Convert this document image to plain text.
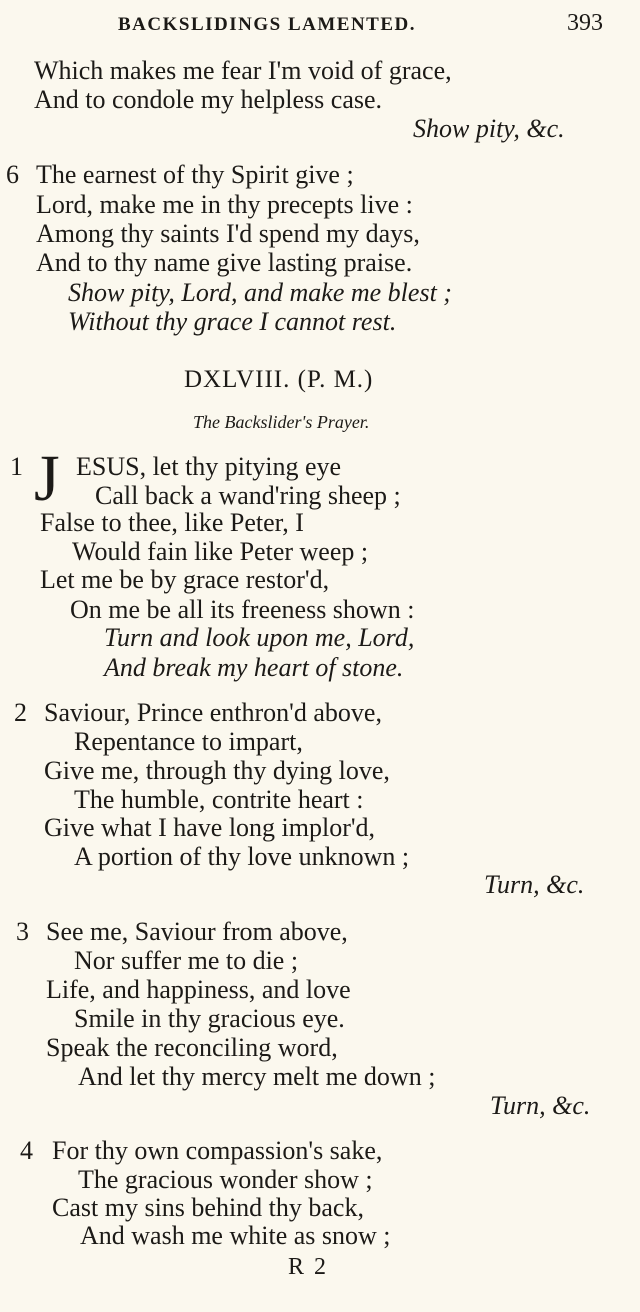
BACKSLIDINGS LAMENTED.	393
Which makes me fear I'm void of grace,
And to condole my helpless case.
Show pity, &c.
6 The earnest of thy Spirit give ;
Lord, make me in thy precepts live :
Among thy saints I'd spend my days,
And to thy name give lasting praise.
Show pity, Lord, and make me blest ;
Without thy grace I cannot rest.
DXLVIII. (P. M.)
The Backslider's Prayer.
1 J ESUS, let thy pitying eye
Call back a wand'ring sheep ;
False to thee, like Peter, I
Would fain like Peter weep ;
Let me be by grace restor'd,
On me be all its freeness shown :
Turn and look upon me, Lord,
And break my heart of stone.
2 Saviour, Prince enthron'd above,
Repentance to impart,
Give me, through thy dying love,
The humble, contrite heart :
Give what I have long implor'd,
A portion of thy love unknown ;
Turn, &c.
3 See me, Saviour from above,
Nor suffer me to die ;
Life, and happiness, and love
Smile in thy gracious eye.
Speak the reconciling word,
And let thy mercy melt me down ;
Turn, &c.
4 For thy own compassion's sake,
The gracious wonder show ;
Cast my sins behind thy back,
And wash me white as snow ;
R 2
